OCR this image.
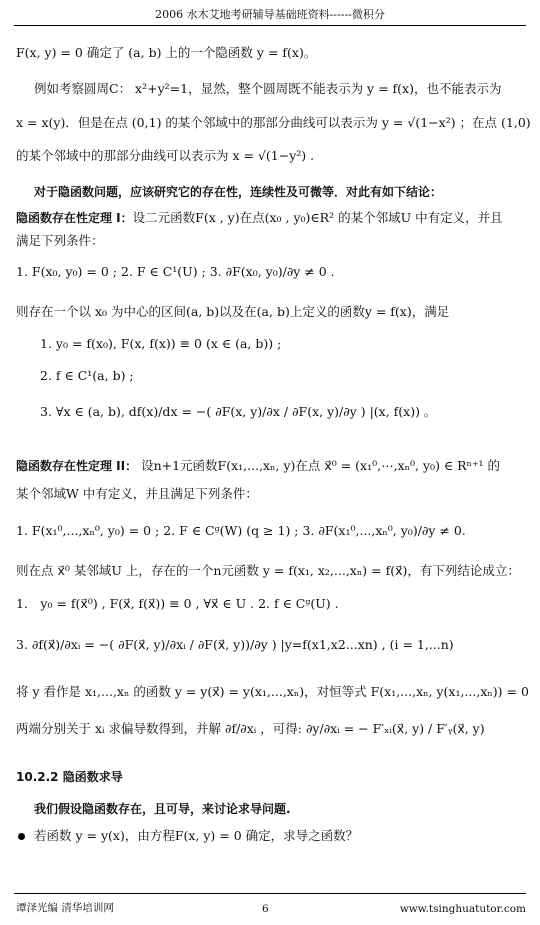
2006 水木艾地考研辅导基础班资料------微积分
F(x, y) = 0 确定了 (a, b) 上的一个隐函数 y = f(x)。
例如考察圆周C： x²+y²=1，显然，整个圆周既不能表示为 y = f(x)，也不能表示为
x = x(y)．但是在点 (0,1) 的某个邻域中的那部分曲线可以表示为 y = √(1−x²) ；在点 (1,0)
的某个邻域中的那部分曲线可以表示为 x = √(1−y²) .
对于隐函数问题，应该研究它的存在性，连续性及可微等．对此有如下结论：
隐函数存在性定理 I：设二元函数F(x , y)在点(x₀ , y₀)∈R² 的某个邻域U 中有定义，并且
满足下列条件：
1. F(x₀, y₀) = 0 ; 2. F ∈ C¹(U) ; 3. ∂F(x₀, y₀)/∂y ≠ 0 .
则存在一个以 x₀ 为中心的区间(a, b)以及在(a, b)上定义的函数y = f(x)，满足
1. y₀ = f(x₀), F(x, f(x)) ≡ 0 (x ∈ (a, b)) ;
2. f ∈ C¹(a, b) ;
3. ∀x ∈ (a, b), df(x)/dx = −( ∂F(x, y)/∂x / ∂F(x, y)/∂y ) |(x, f(x)) 。
隐函数存在性定理 II： 设n+1元函数F(x₁,...,xₙ, y)在点 x⃗⁰ = (x₁⁰,⋯,xₙ⁰, y₀) ∈ Rⁿ⁺¹ 的
某个邻域W 中有定义，并且满足下列条件：
1. F(x₁⁰,...,xₙ⁰, y₀) = 0 ; 2. F ∈ Cᵍ(W) (q ≥ 1) ; 3. ∂F(x₁⁰,...,xₙ⁰, y₀)/∂y ≠ 0.
则在点 x⃗⁰ 某邻域U 上，存在的一个n元函数 y = f(x₁, x₂,...,xₙ) = f(x⃗)，有下列结论成立：
1． y₀ = f(x⃗⁰) , F(x⃗, f(x⃗)) ≡ 0 , ∀x⃗ ∈ U . 2. f ∈ Cᵍ(U) .
3. ∂f(x⃗)/∂xᵢ = −( ∂F(x⃗, y)/∂xᵢ / ∂F(x⃗, y))/∂y ) |y=f(x1,x2...xn) , (i = 1,...n)
将 y 看作是 x₁,...,xₙ 的函数 y = y(x⃗) = y(x₁,...,xₙ)，对恒等式 F(x₁,...,xₙ, y(x₁,...,xₙ)) = 0
两端分别关于 xᵢ 求偏导数得到，并解 ∂f/∂xᵢ ，可得: ∂y/∂xᵢ = − F′ₓᵢ(x⃗, y) / F′ᵧ(x⃗, y)
10.2.2 隐函数求导
我们假设隐函数存在，且可导，来讨论求导问题.
若函数 y = y(x)，由方程F(x, y) = 0 确定，求导之函数？
谭泽光编 清华培训网	6	www.tsinghuatutor.com
